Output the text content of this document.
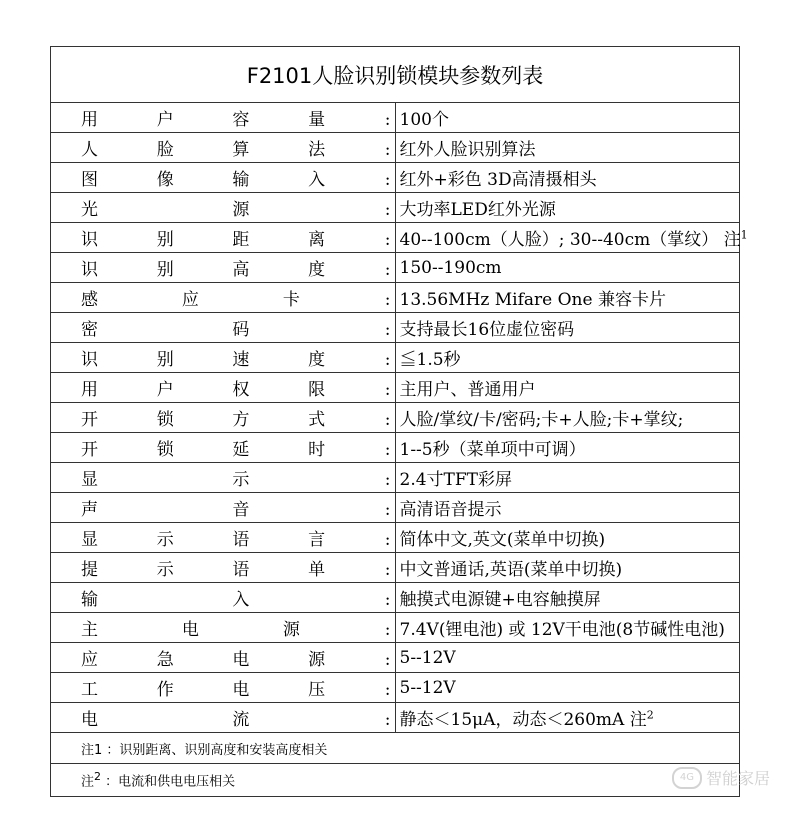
F2101人脸识别锁模块参数列表	
用户容量:	100个
人脸算法:	红外人脸识别算法
图像输入:	红外+彩色 3D高清摄相头
光源:	大功率LED红外光源
识别距离:	40--100cm（人脸）; 30--40cm（掌纹） 注$^1$
识别高度:	150--190cm
感应卡:	13.56MHz Mifare One 兼容卡片
密码:	支持最长16位虚位密码
识别速度:	≦1.5秒
用户权限:	主用户、普通用户
开锁方式:	人脸/掌纹/卡/密码;卡+人脸;卡+掌纹;
开锁延时:	1--5秒（菜单项中可调）
显示:	2.4寸TFT彩屏
声音:	高清语音提示
显示语言:	简体中文,英文(菜单中切换)
提示语单:	中文普通话,英语(菜单中切换)
输入:	触摸式电源键+电容触摸屏
主电源:	7.4V(锂电池) 或 12V干电池(8节碱性电池)
应急电源:	5--12V
工作电压:	5--12V
电流:	静态＜15μA，动态＜260mA 注$^2$
注1 ：识别距离、识别高度和安装高度相关	
注$^2$ ：电流和供电电压相关		4G 智能家居
